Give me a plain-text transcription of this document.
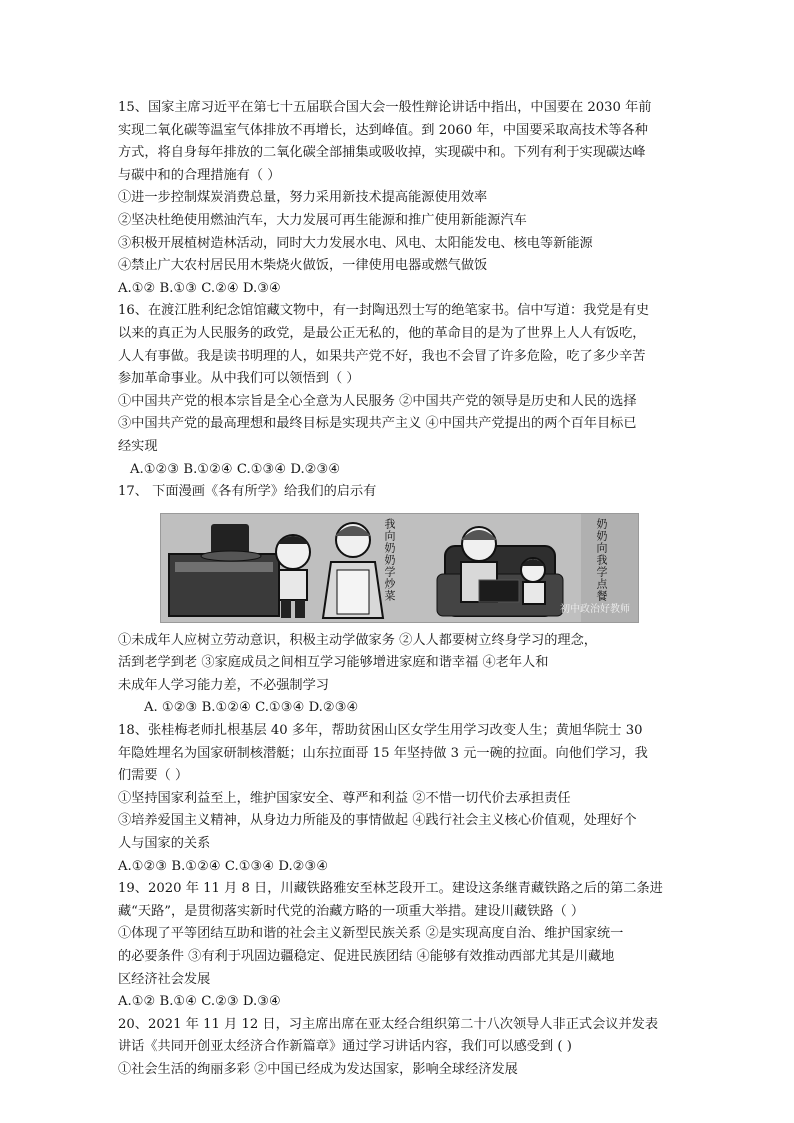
15、国家主席习近平在第七十五届联合国大会一般性辩论讲话中指出，中国要在 2030 年前
实现二氧化碳等温室气体排放不再增长，达到峰值。到 2060 年，中国要采取高技术等各种
方式，将自身每年排放的二氧化碳全部捕集或吸收掉，实现碳中和。下列有利于实现碳达峰
与碳中和的合理措施有（ ）
①进一步控制煤炭消费总量，努力采用新技术提高能源使用效率
②坚决杜绝使用燃油汽车，大力发展可再生能源和推广使用新能源汽车
③积极开展植树造林活动，同时大力发展水电、风电、太阳能发电、核电等新能源
④禁止广大农村居民用木柴烧火做饭，一律使用电器或燃气做饭
A.①② B.①③ C.②④ D.③④
16、在渡江胜利纪念馆馆藏文物中，有一封陶迅烈士写的绝笔家书。信中写道：我党是有史
以来的真正为人民服务的政党，是最公正无私的，他的革命目的是为了世界上人人有饭吃，
人人有事做。我是读书明理的人，如果共产党不好，我也不会冒了许多危险，吃了多少辛苦
参加革命事业。从中我们可以领悟到（ ）
①中国共产党的根本宗旨是全心全意为人民服务 ②中国共产党的领导是历史和人民的选择
③中国共产党的最高理想和最终目标是实现共产主义 ④中国共产党提出的两个百年目标已
经实现
A.①②③ B.①②④ C.①③④ D.②③④
17、 下面漫画《各有所学》给我们的启示有
我向奶奶学炒菜	奶奶向我学点餐
初中政治好教师
①未成年人应树立劳动意识，积极主动学做家务 ②人人都要树立终身学习的理念，
活到老学到老 ③家庭成员之间相互学习能够增进家庭和谐幸福 ④老年人和
未成年人学习能力差，不必强制学习
A. ①②③ B.①②④ C.①③④ D.②③④
18、张桂梅老师扎根基层 40 多年，帮助贫困山区女学生用学习改变人生；黄旭华院士 30
年隐姓埋名为国家研制核潜艇；山东拉面哥 15 年坚持做 3 元一碗的拉面。向他们学习，我
们需要（ ）
①坚持国家利益至上，维护国家安全、尊严和利益 ②不惜一切代价去承担责任
③培养爱国主义精神，从身边力所能及的事情做起 ④践行社会主义核心价值观，处理好个
人与国家的关系
A.①②③ B.①②④ C.①③④ D.②③④
19、2020 年 11 月 8 日，川藏铁路雅安至林芝段开工。建设这条继青藏铁路之后的第二条进
藏“天路”，是贯彻落实新时代党的治藏方略的一项重大举措。建设川藏铁路（ ）
①体现了平等团结互助和谐的社会主义新型民族关系 ②是实现高度自治、维护国家统一
的必要条件 ③有利于巩固边疆稳定、促进民族团结 ④能够有效推动西部尤其是川藏地
区经济社会发展
A.①② B.①④ C.②③ D.③④
20、2021 年 11 月 12 日，习主席出席在亚太经合组织第二十八次领导人非正式会议并发表
讲话《共同开创亚太经济合作新篇章》通过学习讲话内容，我们可以感受到 ( )
①社会生活的绚丽多彩 ②中国已经成为发达国家，影响全球经济发展
